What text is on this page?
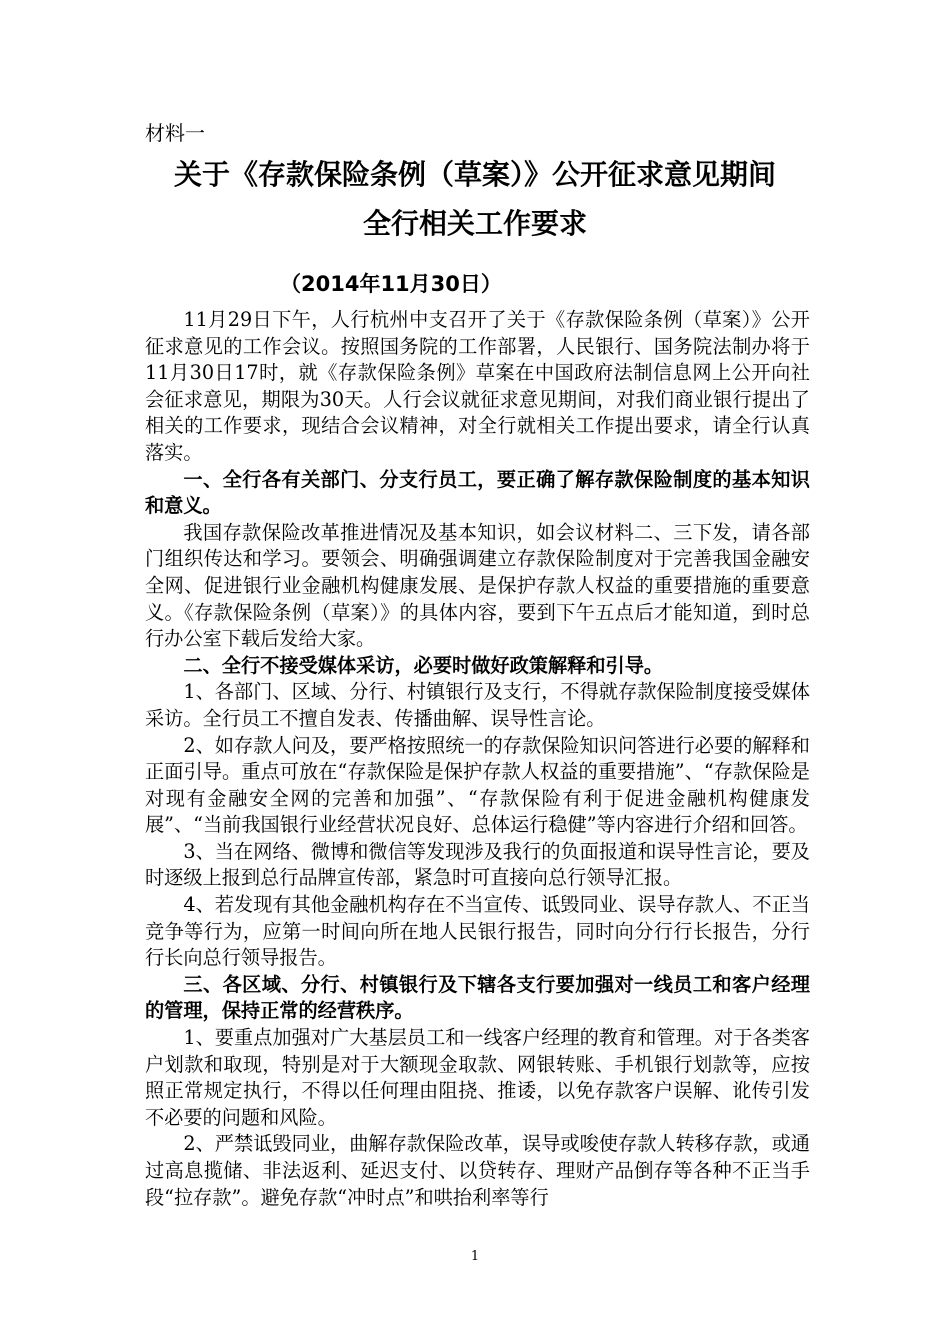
材料一
关于《存款保险条例（草案）》公开征求意见期间
全行相关工作要求
（2014年11月30日）

11月29日下午，人行杭州中支召开了关于《存款保险条例（草案）》公开征求意见的工作会议。按照国务院的工作部署，人民银行、国务院法制办将于11月30日17时，就《存款保险条例》草案在中国政府法制信息网上公开向社会征求意见，期限为30天。人行会议就征求意见期间，对我们商业银行提出了相关的工作要求，现结合会议精神，对全行就相关工作提出要求，请全行认真落实。

一、全行各有关部门、分支行员工，要正确了解存款保险制度的基本知识和意义。

我国存款保险改革推进情况及基本知识，如会议材料二、三下发，请各部门组织传达和学习。要领会、明确强调建立存款保险制度对于完善我国金融安全网、促进银行业金融机构健康发展、是保护存款人权益的重要措施的重要意义。《存款保险条例（草案）》的具体内容，要到下午五点后才能知道，到时总行办公室下载后发给大家。

二、全行不接受媒体采访，必要时做好政策解释和引导。

1、各部门、区域、分行、村镇银行及支行，不得就存款保险制度接受媒体采访。全行员工不擅自发表、传播曲解、误导性言论。

2、如存款人问及，要严格按照统一的存款保险知识问答进行必要的解释和正面引导。重点可放在“存款保险是保护存款人权益的重要措施”、“存款保险是对现有金融安全网的完善和加强”、“存款保险有利于促进金融机构健康发展”、“当前我国银行业经营状况良好、总体运行稳健”等内容进行介绍和回答。

3、当在网络、微博和微信等发现涉及我行的负面报道和误导性言论，要及时逐级上报到总行品牌宣传部，紧急时可直接向总行领导汇报。

4、若发现有其他金融机构存在不当宣传、诋毁同业、误导存款人、不正当竞争等行为，应第一时间向所在地人民银行报告，同时向分行行长报告，分行行长向总行领导报告。

三、各区域、分行、村镇银行及下辖各支行要加强对一线员工和客户经理的管理，保持正常的经营秩序。

1、要重点加强对广大基层员工和一线客户经理的教育和管理。对于各类客户划款和取现，特别是对于大额现金取款、网银转账、手机银行划款等，应按照正常规定执行，不得以任何理由阻挠、推诿，以免存款客户误解、讹传引发不必要的问题和风险。

2、严禁诋毁同业，曲解存款保险改革，误导或唆使存款人转移存款，或通过高息揽储、非法返利、延迟支付、以贷转存、理财产品倒存等各种不正当手段“拉存款”。避免存款“冲时点”和哄抬利率等行

1
